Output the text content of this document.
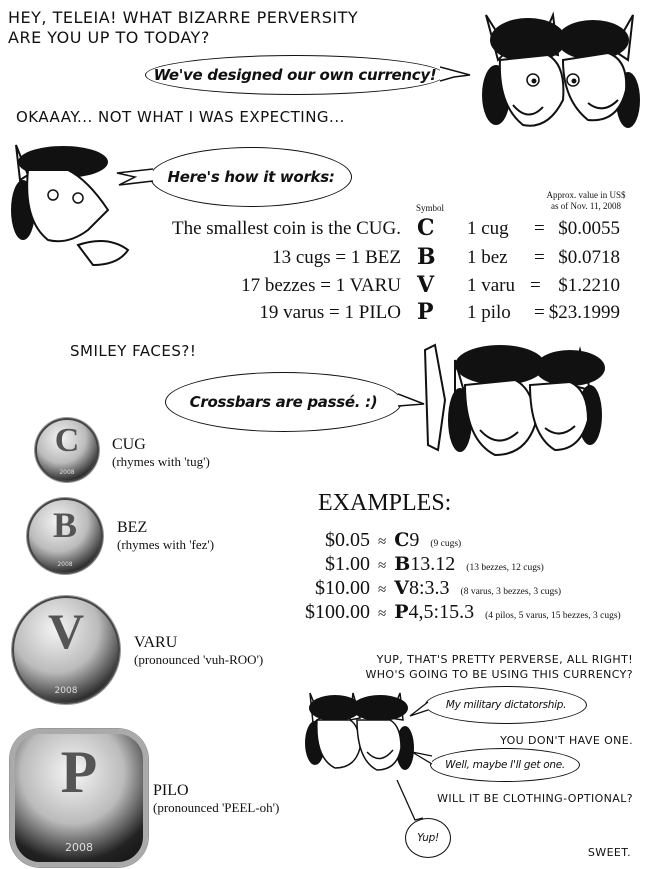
HEY, TELEIA! WHAT BIZARRE PERVERSITY
ARE YOU UP TO TODAY?
We've designed our own currency!
OKAAAY... NOT WHAT I WAS EXPECTING...
Here's how it works:
Symbol
Approx. value in US$
as of Nov. 11, 2008
The smallest coin is the CUG. C 1 cug = $0.0055
13 cugs = 1 BEZ B 1 bez = $0.0718
17 bezzes = 1 VARU V 1 varu = $1.2210
19 varus = 1 PILO P 1 pilo = $23.1999
SMILEY FACES?!
Crossbars are passé. :)
C
2008
CUG
(rhymes with 'tug')
B
2008
BEZ
(rhymes with 'fez')
V
2008
VARU
(pronounced 'vuh-ROO')
P
2008
PILO
(pronounced 'PEEL-oh')
EXAMPLES:
$0.05 ≈ C9 (9 cugs)
$1.00 ≈ B13.12 (13 bezzes, 12 cugs)
$10.00 ≈ V8:3.3 (8 varus, 3 bezzes, 3 cugs)
$100.00 ≈ P4,5:15.3 (4 pilos, 5 varus, 15 bezzes, 3 cugs)
YUP, THAT'S PRETTY PERVERSE, ALL RIGHT!
WHO'S GOING TO BE USING THIS CURRENCY?
My military dictatorship.
YOU DON'T HAVE ONE.
Well, maybe I'll get one.
WILL IT BE CLOTHING-OPTIONAL?
Yup!
SWEET.
